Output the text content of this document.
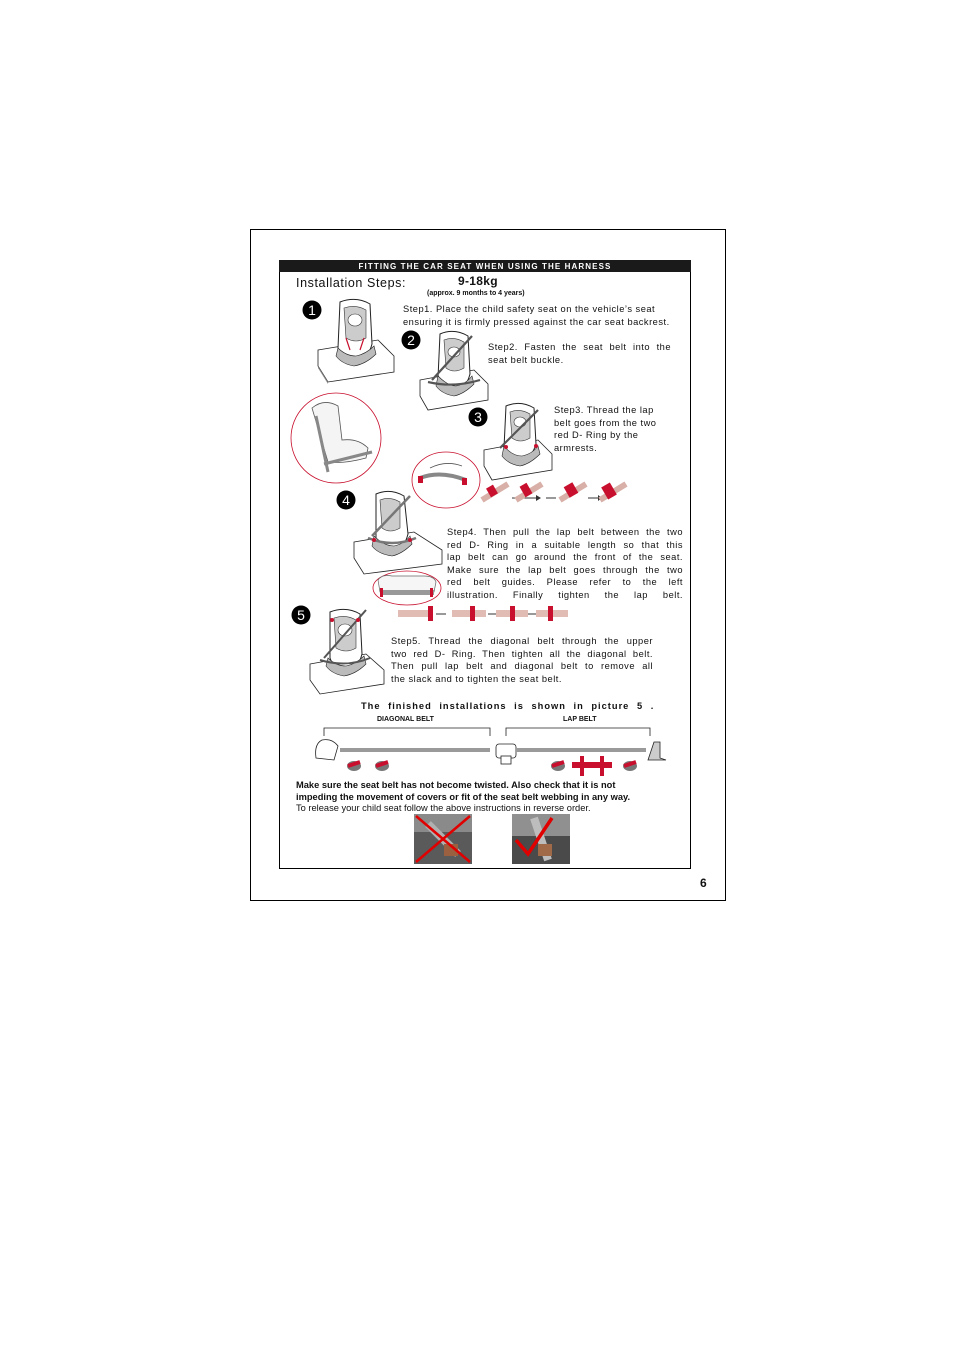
FITTING THE CAR SEAT WHEN USING THE HARNESS
Installation Steps:	9-18kg
(approx. 9 months to 4 years)
Step1. Place the child safety seat on the vehicle’s seat
ensuring it is firmly pressed against the car seat backrest.
Step2. Fasten the seat belt into the
seat belt buckle.
Step3. Thread the lap
belt goes from the two
red D- Ring by the
armrests.
Step4. Then pull the lap belt between the two
red D- Ring in a suitable length so that this
lap belt can go around the front of the seat.
Make sure the lap belt goes through the two
red belt guides. Please refer to the left
illustration. Finally tighten the lap belt.
Step5. Thread the diagonal belt through the upper
two red D- Ring. Then tighten all the diagonal belt.
Then pull lap belt and diagonal belt to remove all
the slack and to tighten the seat belt.
1
2
3
4
5
The finished installations is shown in picture 5 .
DIAGONAL BELT	LAP BELT
Make sure the seat belt has not become twisted. Also check that it is not
impeding the movement of covers or fit of the seat belt webbing in any way.
To release your child seat follow the above instructions in reverse order.
6
